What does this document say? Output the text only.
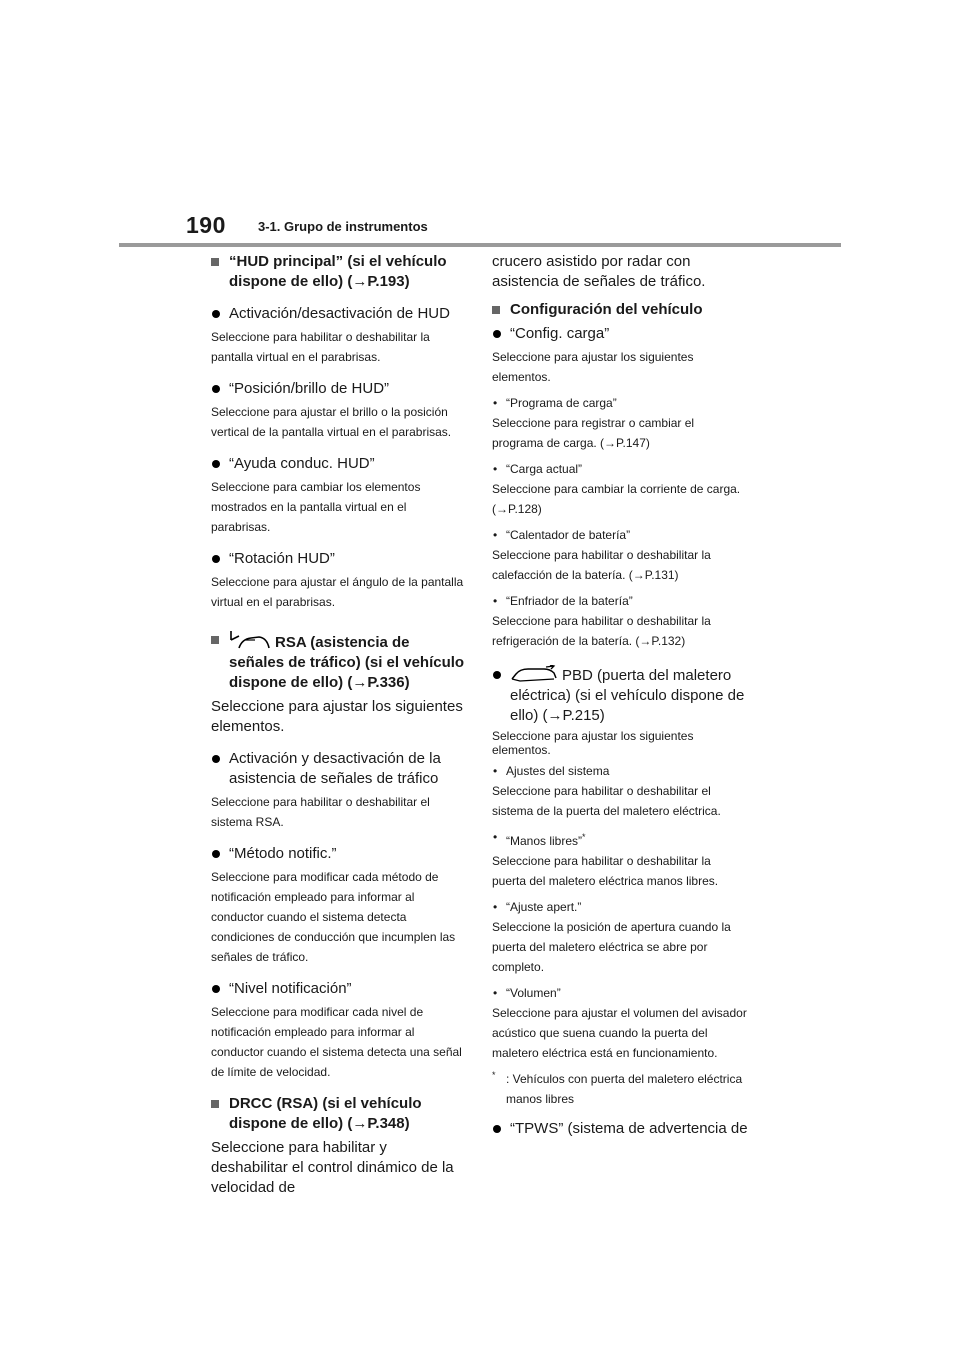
190 3-1. Grupo de instrumentos

“HUD principal” (si el vehículo dispone de ello) (→P.193)

Activación/desactivación de HUD

Seleccione para habilitar o deshabilitar la pantalla virtual en el parabrisas.

“Posición/brillo de HUD”

Seleccione para ajustar el brillo o la posición vertical de la pantalla virtual en el parabrisas.

“Ayuda conduc. HUD”

Seleccione para cambiar los elementos mostrados en la pantalla virtual en el parabrisas.

“Rotación HUD”

Seleccione para ajustar el ángulo de la pantalla virtual en el parabrisas.

RSA (asistencia de señales de tráfico) (si el vehículo dispone de ello) (→P.336)

Seleccione para ajustar los siguientes elementos.

Activación y desactivación de la asistencia de señales de tráfico

Seleccione para habilitar o deshabilitar el sistema RSA.

“Método notific.”

Seleccione para modificar cada método de notificación empleado para informar al conductor cuando el sistema detecta condiciones de conducción que incumplen las señales de tráfico.

“Nivel notificación”

Seleccione para modificar cada nivel de notificación empleado para informar al conductor cuando el sistema detecta una señal de límite de velocidad.

DRCC (RSA) (si el vehículo dispone de ello) (→P.348)

Seleccione para habilitar y deshabilitar el control dinámico de la velocidad de

crucero asistido por radar con asistencia de señales de tráfico.

Configuración del vehículo

“Config. carga”

Seleccione para ajustar los siguientes elementos.

• “Programa de carga”

Seleccione para registrar o cambiar el programa de carga. (→P.147)

• “Carga actual”

Seleccione para cambiar la corriente de carga. (→P.128)

• “Calentador de batería”

Seleccione para habilitar o deshabilitar la calefacción de la batería. (→P.131)

• “Enfriador de la batería”

Seleccione para habilitar o deshabilitar la refrigeración de la batería. (→P.132)

PBD (puerta del maletero eléctrica) (si el vehículo dispone de ello) (→P.215)

Seleccione para ajustar los siguientes elementos.

• Ajustes del sistema

Seleccione para habilitar o deshabilitar el sistema de la puerta del maletero eléctrica.

• “Manos libres”*

Seleccione para habilitar o deshabilitar la puerta del maletero eléctrica manos libres.

• “Ajuste apert.”

Seleccione la posición de apertura cuando la puerta del maletero eléctrica se abre por completo.

• “Volumen”

Seleccione para ajustar el volumen del avisador acústico que suena cuando la puerta del maletero eléctrica está en funcionamiento.

* : Vehículos con puerta del maletero eléctrica manos libres

“TPWS” (sistema de advertencia de
